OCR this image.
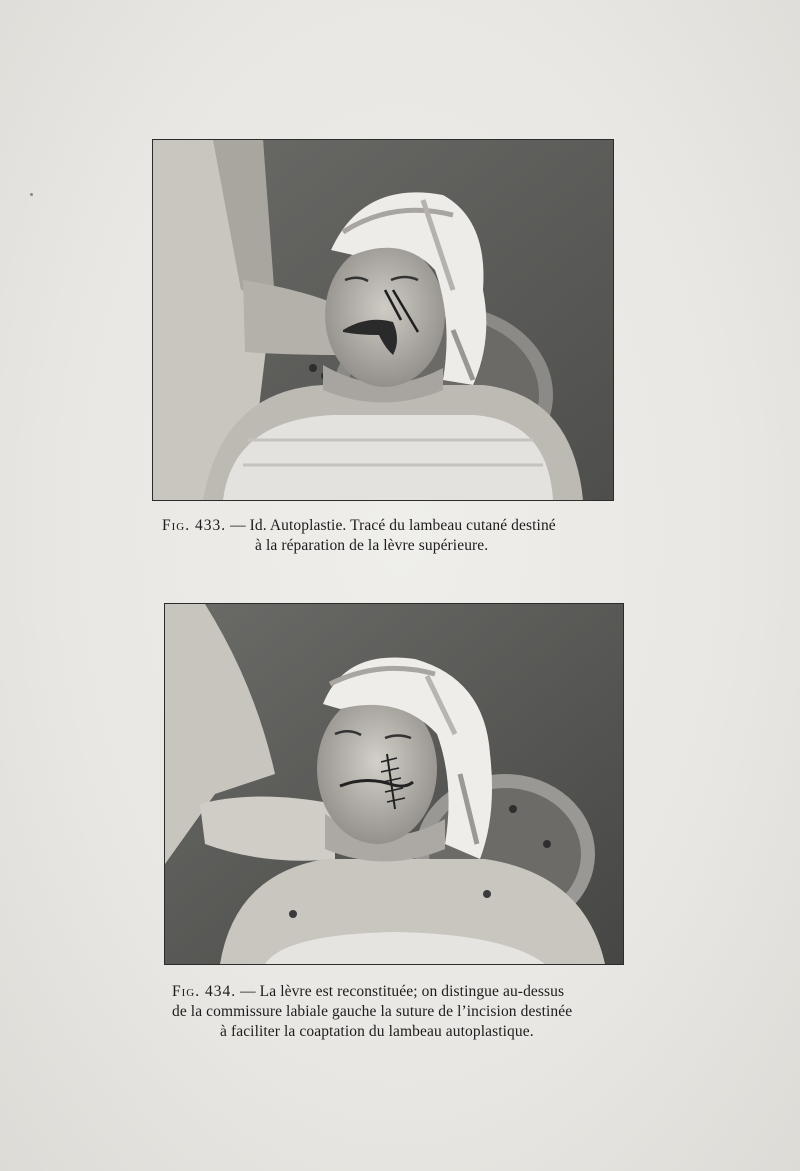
Fig. 433. — Id. Autoplastie. Tracé du lambeau cutané destiné
à la réparation de la lèvre supérieure.
Fig. 434. — La lèvre est reconstituée; on distingue au-dessus
de la commissure labiale gauche la suture de l’incision destinée
à faciliter la coaptation du lambeau autoplastique.
